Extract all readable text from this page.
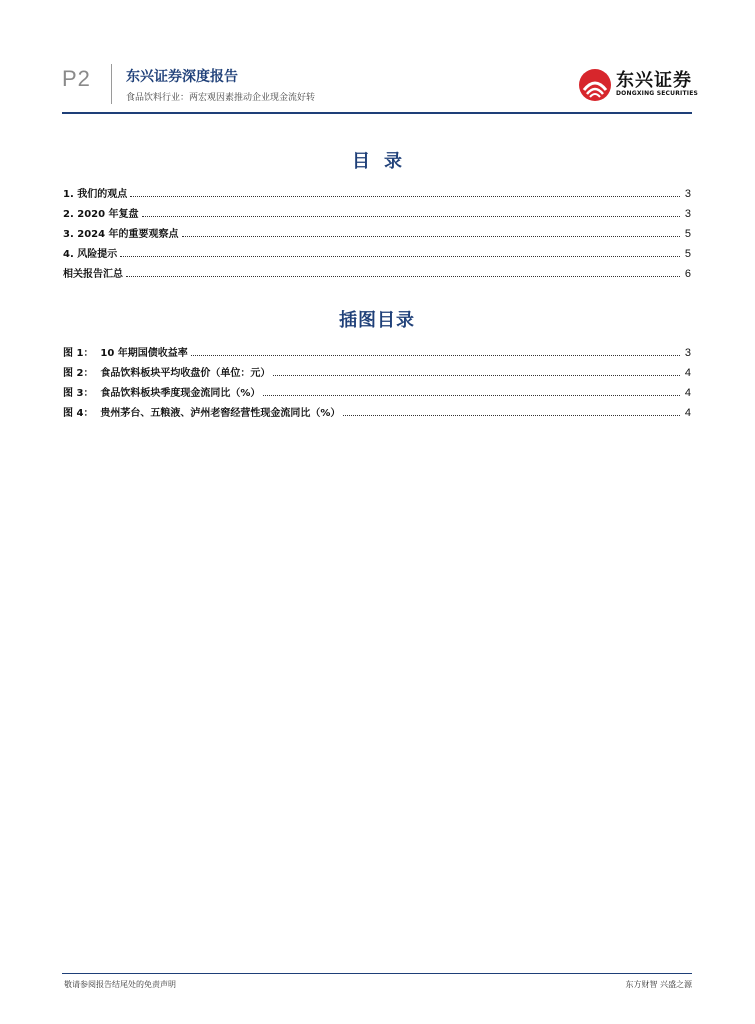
P2	东兴证券深度报告
食品饮料行业：两宏观因素推动企业现金流好转
东兴证券
DONGXING SECURITIES
目录
1. 我们的观点	3
2. 2020 年复盘	3
3. 2024 年的重要观察点	5
4. 风险提示	5
相关报告汇总	6
插图目录
图 1：  10 年期国债收益率	3
图 2：  食品饮料板块平均收盘价（单位：元）	4
图 3：  食品饮料板块季度现金流同比（%）	4
图 4：  贵州茅台、五粮液、泸州老窖经营性现金流同比（%）	4
敬请参阅报告结尾处的免责声明	东方财智 兴盛之源
